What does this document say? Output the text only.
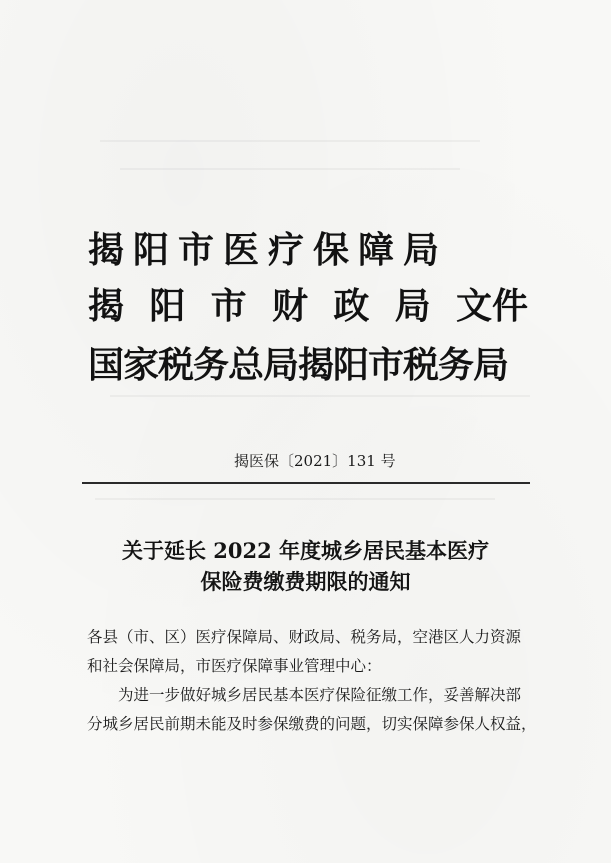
揭阳市医疗保障局
揭 阳 市 财 政 局 文件
国家税务总局揭阳市税务局
揭医保〔2021〕131 号
关于延长 2022 年度城乡居民基本医疗
保险费缴费期限的通知
各县（市、区）医疗保障局、财政局、税务局，空港区人力资源
和社会保障局，市医疗保障事业管理中心：
为进一步做好城乡居民基本医疗保险征缴工作，妥善解决部
分城乡居民前期未能及时参保缴费的问题，切实保障参保人权益，
